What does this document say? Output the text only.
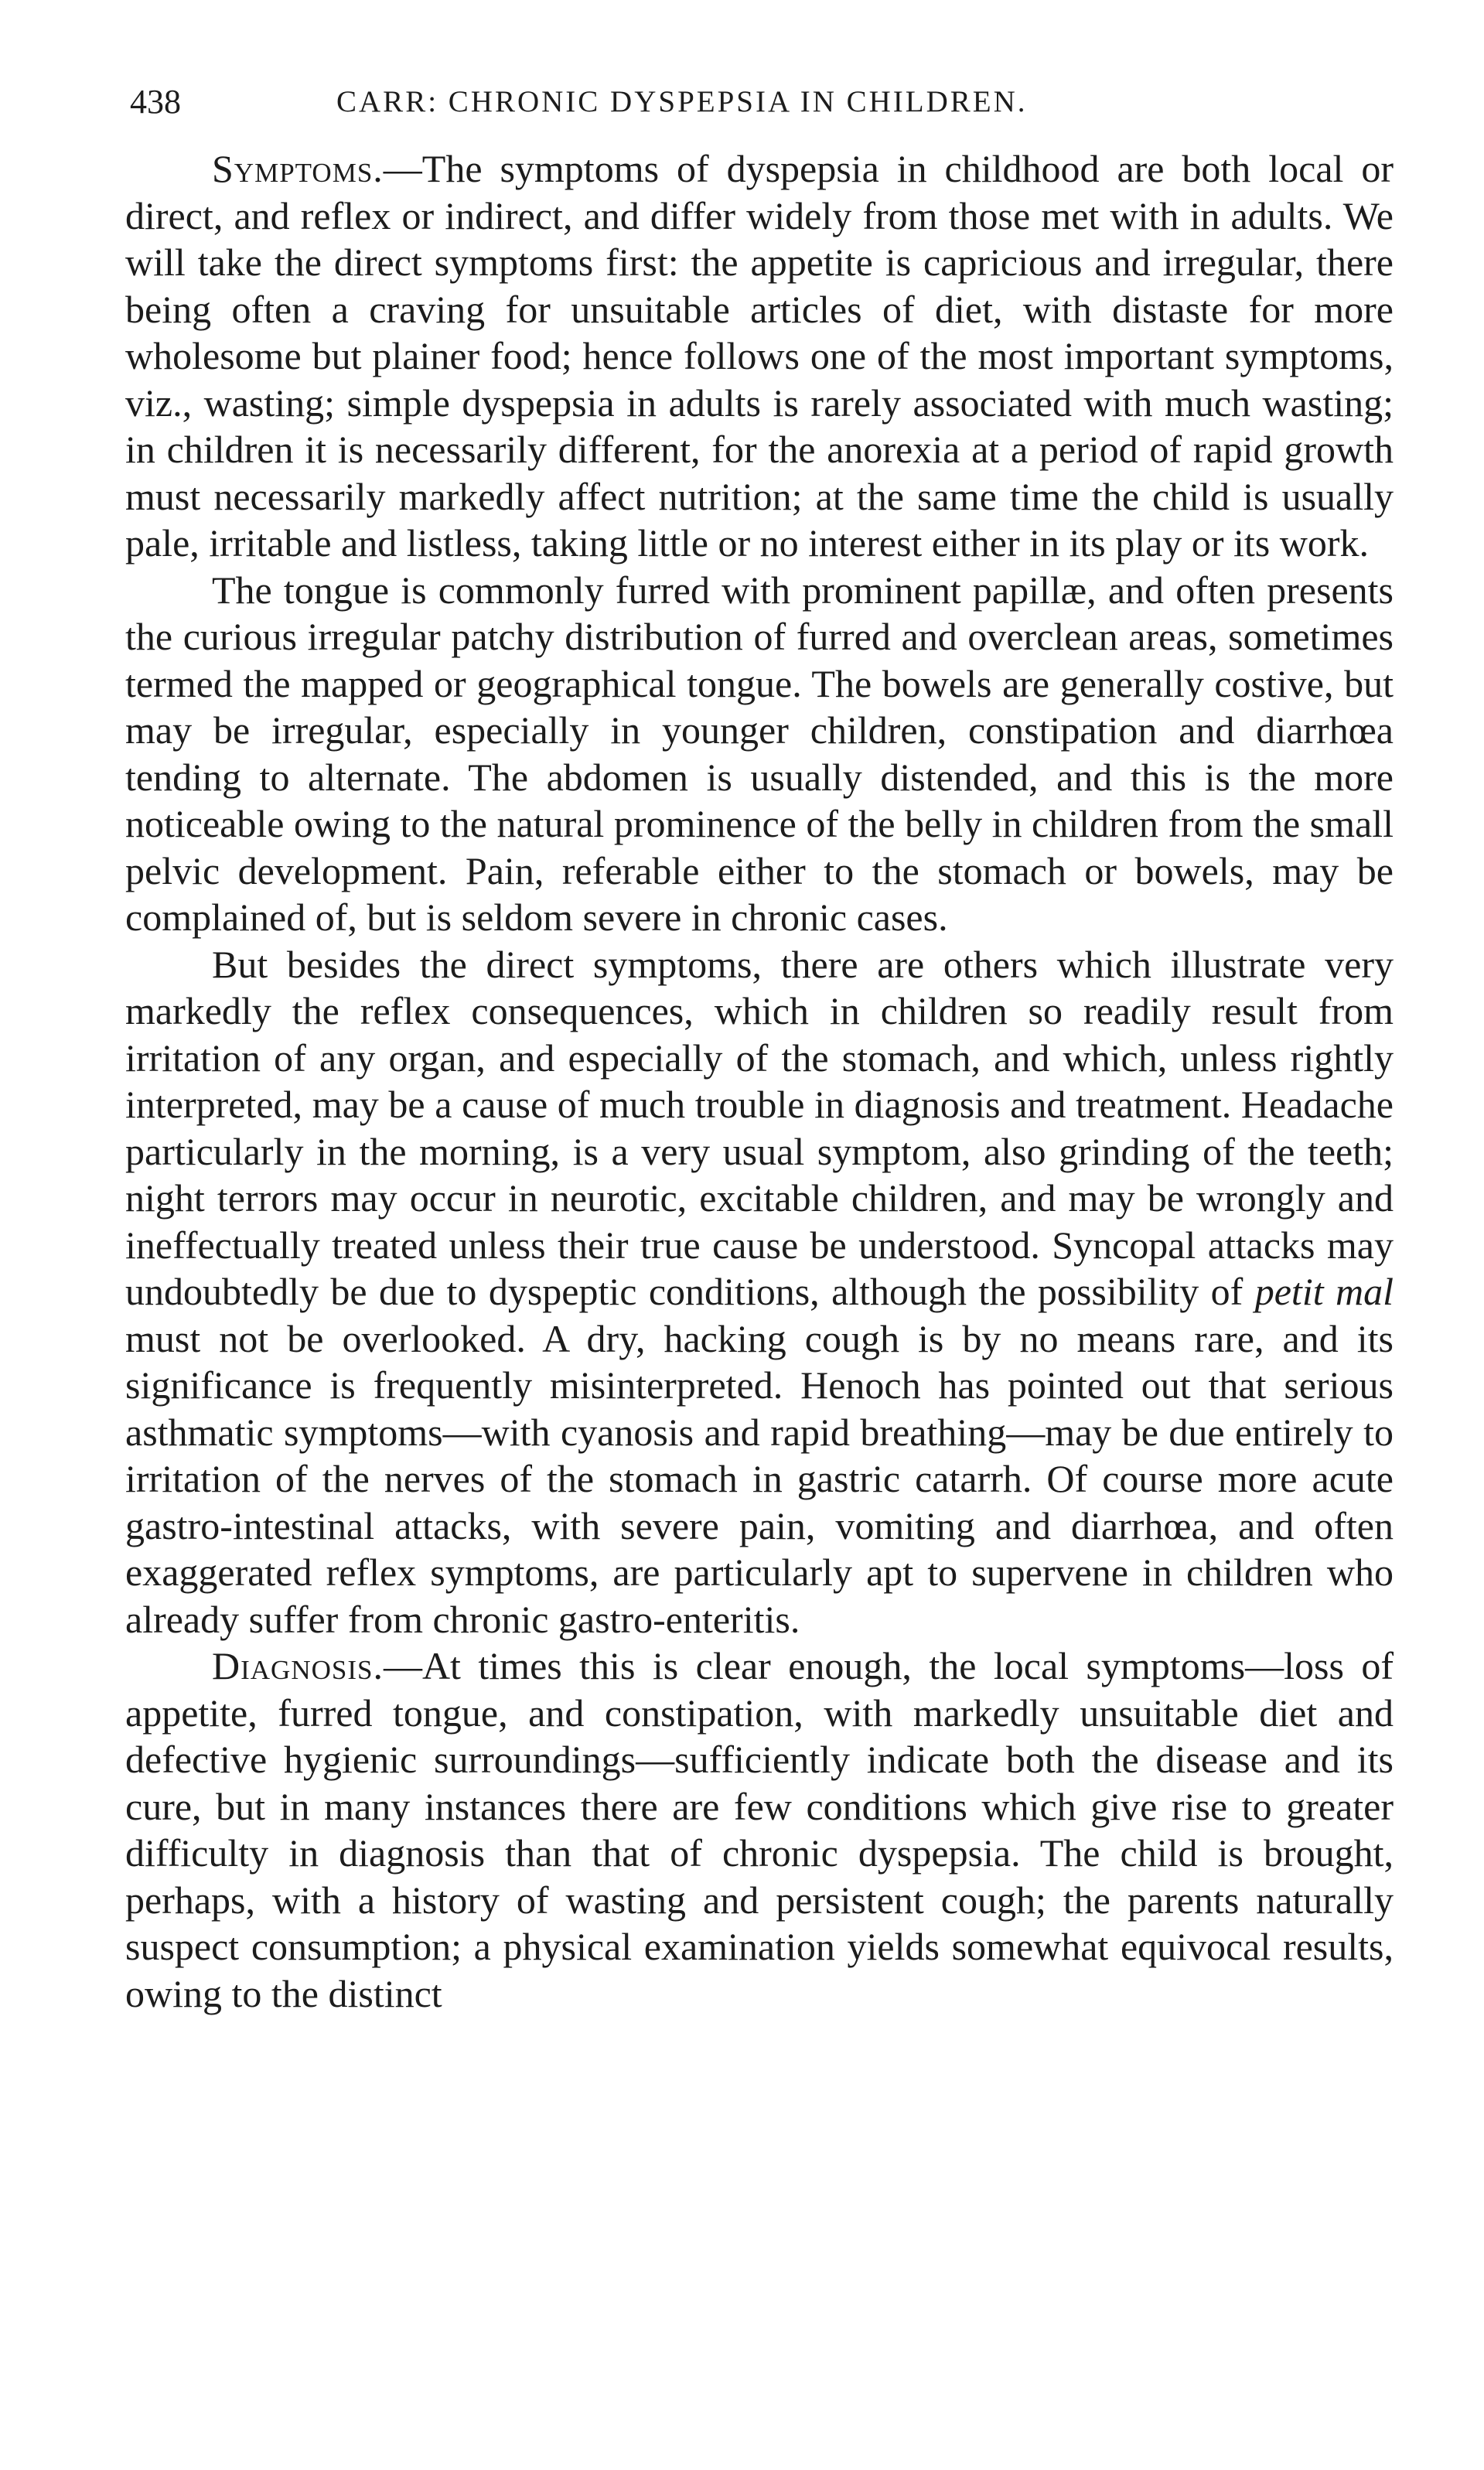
438	CARR: CHRONIC DYSPEPSIA IN CHILDREN.

Symptoms.—The symptoms of dyspepsia in childhood are both local or direct, and reflex or indirect, and differ widely from those met with in adults. We will take the direct symptoms first: the appetite is capricious and irregular, there being often a craving for unsuitable articles of diet, with distaste for more wholesome but plainer food; hence follows one of the most important symptoms, viz., wasting; simple dyspepsia in adults is rarely associated with much wasting; in children it is necessarily different, for the anorexia at a period of rapid growth must necessarily markedly affect nutrition; at the same time the child is usually pale, irritable and listless, taking little or no interest either in its play or its work.

The tongue is commonly furred with prominent papillæ, and often presents the curious irregular patchy distribution of furred and overclean areas, sometimes termed the mapped or geographical tongue. The bowels are generally costive, but may be irregular, especially in younger children, constipation and diarrhœa tending to alternate. The abdomen is usually distended, and this is the more noticeable owing to the natural prominence of the belly in children from the small pelvic development. Pain, referable either to the stomach or bowels, may be complained of, but is seldom severe in chronic cases.

But besides the direct symptoms, there are others which illustrate very markedly the reflex consequences, which in children so readily result from irritation of any organ, and especially of the stomach, and which, unless rightly interpreted, may be a cause of much trouble in diagnosis and treatment. Headache particularly in the morning, is a very usual symptom, also grinding of the teeth; night terrors may occur in neurotic, excitable children, and may be wrongly and ineffectually treated unless their true cause be understood. Syncopal attacks may undoubtedly be due to dyspeptic conditions, although the possibility of petit mal must not be overlooked. A dry, hacking cough is by no means rare, and its significance is frequently misinterpreted. Henoch has pointed out that serious asthmatic symptoms—with cyanosis and rapid breathing—may be due entirely to irritation of the nerves of the stomach in gastric catarrh. Of course more acute gastro-intestinal attacks, with severe pain, vomiting and diarrhœa, and often exaggerated reflex symptoms, are particularly apt to supervene in children who already suffer from chronic gastro-enteritis.

Diagnosis.—At times this is clear enough, the local symptoms—loss of appetite, furred tongue, and constipation, with markedly unsuitable diet and defective hygienic surroundings—sufficiently indicate both the disease and its cure, but in many instances there are few conditions which give rise to greater difficulty in diagnosis than that of chronic dyspepsia. The child is brought, perhaps, with a history of wasting and persistent cough; the parents naturally suspect consumption; a physical examination yields somewhat equivocal results, owing to the distinct
